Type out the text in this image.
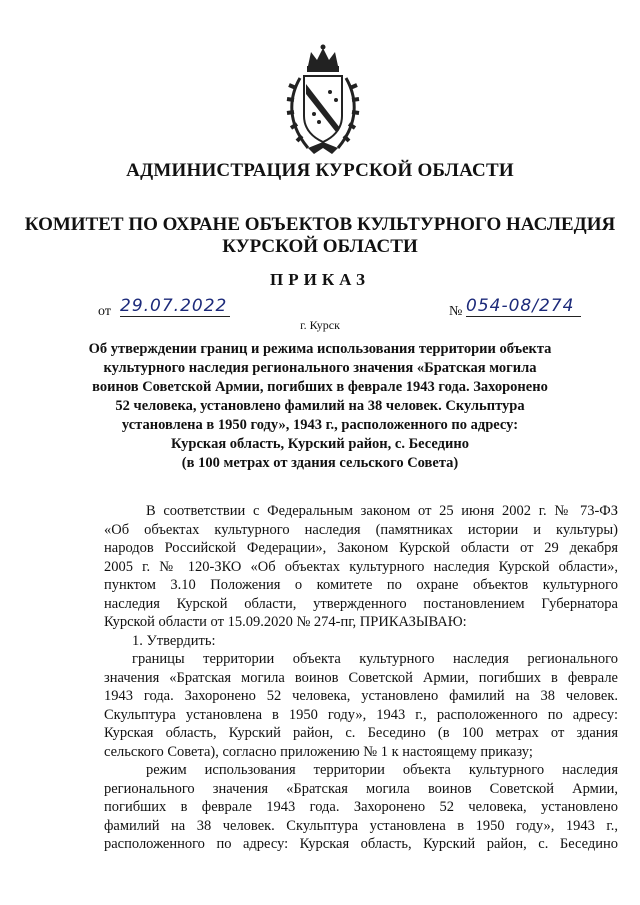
АДМИНИСТРАЦИЯ КУРСКОЙ ОБЛАСТИ
КОМИТЕТ ПО ОХРАНЕ ОБЪЕКТОВ КУЛЬТУРНОГО НАСЛЕДИЯ
КУРСКОЙ ОБЛАСТИ
ПРИКАЗ
от 29.07.2022	№ 054-08/274
г. Курск
Об утверждении границ и режима использования территории объекта
культурного наследия регионального значения «Братская могила
воинов Советской Армии, погибших в феврале 1943 года. Захоронено
52 человека, установлено фамилий на 38 человек. Скульптура
установлена в 1950 году», 1943 г., расположенного по адресу:
Курская область, Курский район, с. Беседино
(в 100 метрах от здания сельского Совета)
В соответствии с Федеральным законом от 25 июня 2002 г. № 73-ФЗ
«Об объектах культурного наследия (памятниках истории и культуры)
народов Российской Федерации», Законом Курской области от 29 декабря
2005 г. № 120-ЗКО «Об объектах культурного наследия Курской области»,
пунктом 3.10 Положения о комитете по охране объектов культурного
наследия Курской области, утвержденного постановлением Губернатора
Курской области от 15.09.2020 № 274-пг, ПРИКАЗЫВАЮ:
1. Утвердить:
границы территории объекта культурного наследия регионального
значения «Братская могила воинов Советской Армии, погибших в феврале
1943 года. Захоронено 52 человека, установлено фамилий на 38 человек.
Скульптура установлена в 1950 году», 1943 г., расположенного по адресу:
Курская область, Курский район, с. Беседино (в 100 метрах от здания
сельского Совета), согласно приложению № 1 к настоящему приказу;
режим использования территории объекта культурного наследия
регионального значения «Братская могила воинов Советской Армии,
погибших в феврале 1943 года. Захоронено 52 человека, установлено
фамилий на 38 человек. Скульптура установлена в 1950 году», 1943 г.,
расположенного по адресу: Курская область, Курский район, с. Беседино
